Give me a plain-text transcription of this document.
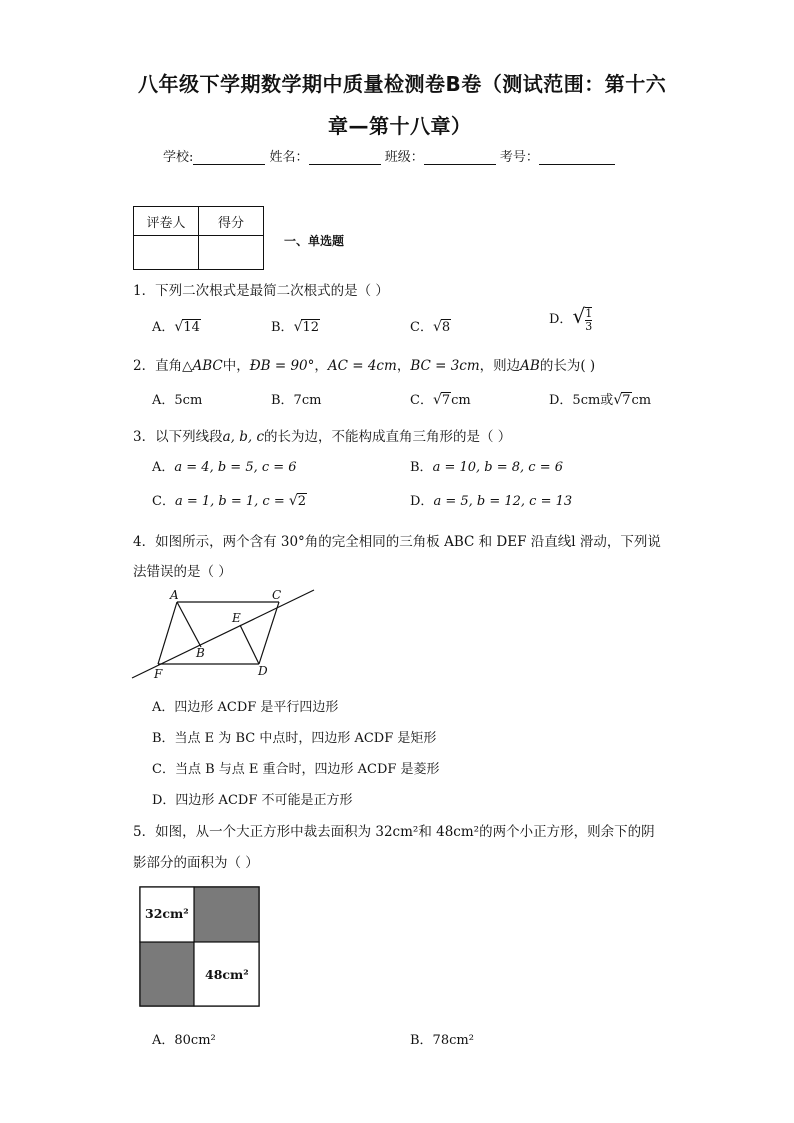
八年级下学期数学期中质量检测卷B卷（测试范围：第十六
章—第十八章）
学校:	姓名：	班级：	考号：
评卷人	得分

一、单选题
1．下列二次根式是最简二次根式的是（ ）
A．√14	B．√12	C．√8
D．√ $\frac{1}{3}$
2．直角△ABC中，ÐB = 90°，AC = 4cm，BC = 3cm，则边AB的长为( )
A．5cm	B．7cm	C．√7cm	D．5cm或√7cm
3．以下列线段a, b, c的长为边，不能构成直角三角形的是（ ）
A．a = 4, b = 5, c = 6	B．a = 10, b = 8, c = 6
C．a = 1, b = 1, c = √2	D．a = 5, b = 12, c = 13
4．如图所示，两个含有 30°角的完全相同的三角板 ABC 和 DEF 沿直线l 滑动，下列说
法错误的是（ ）
A	C
E
B
F	D
A．四边形 ACDF 是平行四边形
B．当点 E 为 BC 中点时，四边形 ACDF 是矩形
C．当点 B 与点 E 重合时，四边形 ACDF 是菱形
D．四边形 ACDF 不可能是正方形
5．如图，从一个大正方形中裁去面积为 32cm²和 48cm²的两个小正方形，则余下的阴
影部分的面积为（ ）
32cm²
48cm²
A．80cm²	B．78cm²
